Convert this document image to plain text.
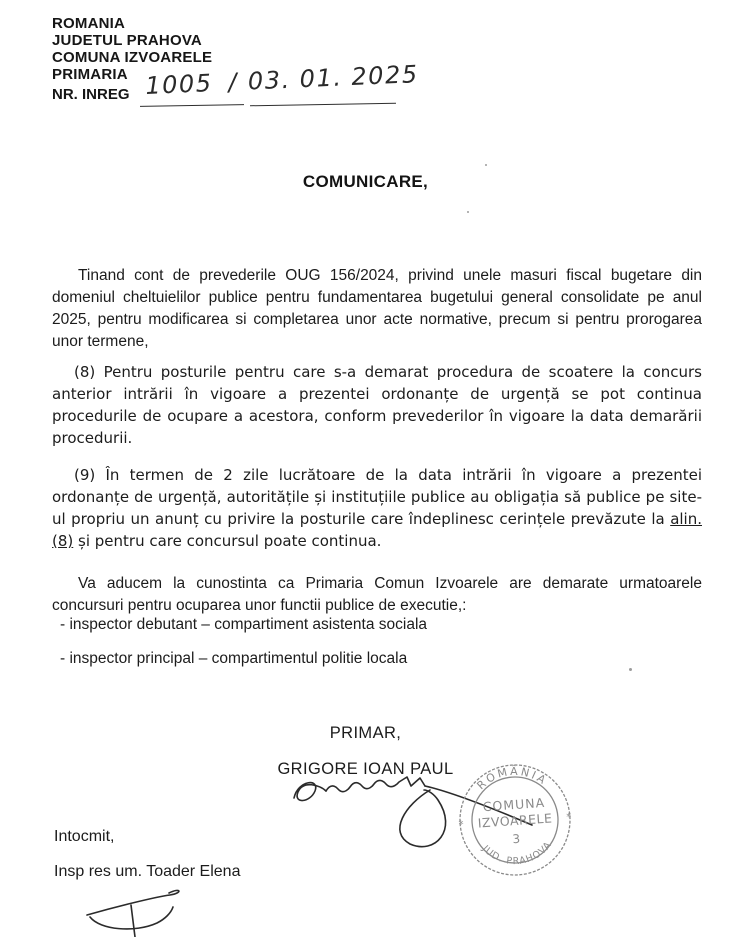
ROMANIA
JUDETUL PRAHOVA
COMUNA IZVOARELE
PRIMARIA
NR. INREG 1005 / 03. 01. 2025
COMUNICARE,

Tinand cont de prevederile OUG 156/2024, privind unele masuri fiscal bugetare din domeniul cheltuielilor publice pentru fundamentarea bugetului general consolidate pe anul 2025, pentru modificarea si completarea unor acte normative, precum si pentru prorogarea unor termene,

(8) Pentru posturile pentru care s-a demarat procedura de scoatere la concurs anterior intrării în vigoare a prezentei ordonanțe de urgență se pot continua procedurile de ocupare a acestora, conform prevederilor în vigoare la data demarării procedurii.

(9) În termen de 2 zile lucrătoare de la data intrării în vigoare a prezentei ordonanțe de urgență, autoritățile și instituțiile publice au obligația să publice pe site-ul propriu un anunț cu privire la posturile care îndeplinesc cerințele prevăzute la alin. (8) și pentru care concursul poate continua.

Va aducem la cunostinta ca Primaria Comun Izvoarele are demarate urmatoarele concursuri pentru ocuparea unor functii publice de executie,:

- inspector debutant – compartiment asistenta sociala
- inspector principal – compartimentul politie locala
PRIMAR,
GRIGORE IOAN PAUL
ROMÂNIA
JUD. PRAHOVA
COMUNA
IZVOARELE
3
*
*
Intocmit,
Insp res um. Toader Elena
